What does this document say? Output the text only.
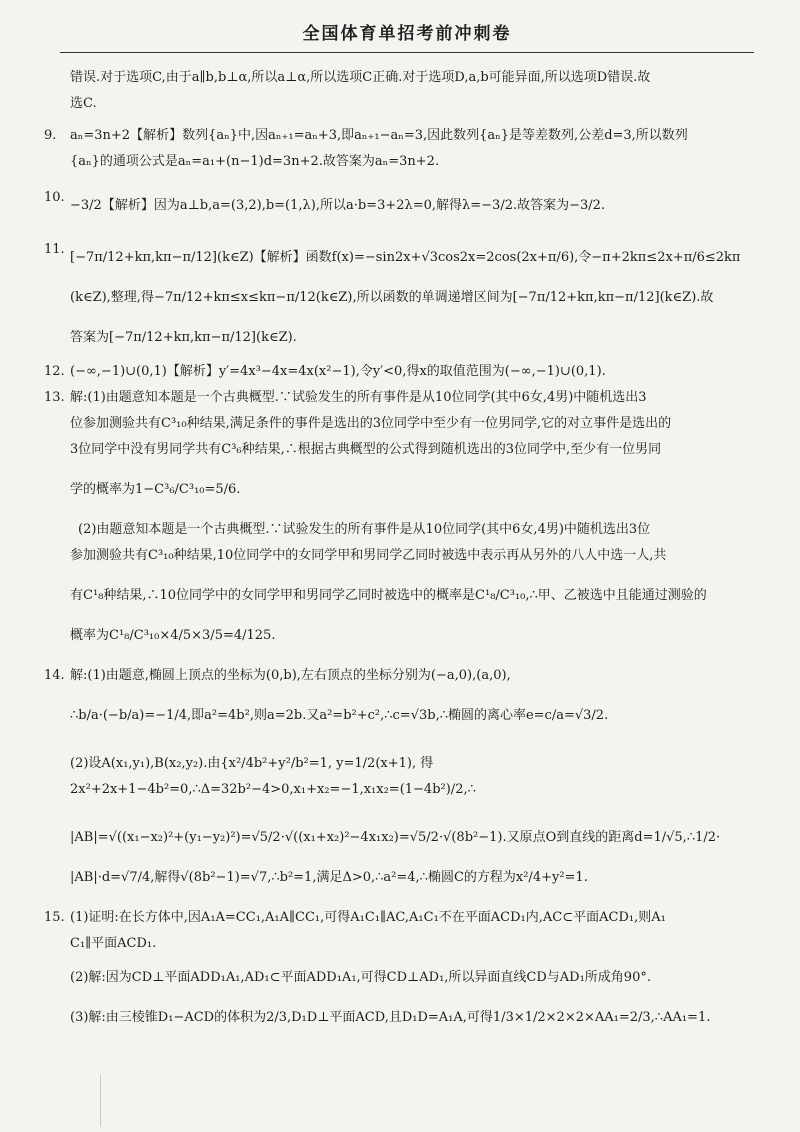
全国体育单招考前冲刺卷

错误.对于选项C,由于a∥b,b⊥α,所以a⊥α,所以选项C正确.对于选项D,a,b可能异面,所以选项D错误.故

选C.

9.	aₙ=3n+2【解析】数列{aₙ}中,因aₙ₊₁=aₙ+3,即aₙ₊₁−aₙ=3,因此数列{aₙ}是等差数列,公差d=3,所以数列

{aₙ}的通项公式是aₙ=a₁+(n−1)d=3n+2.故答案为aₙ=3n+2.

10.

−3/2【解析】因为a⊥b,a=(3,2),b=(1,λ),所以a·b=3+2λ=0,解得λ=−3/2.故答案为−3/2.

11.

[−7π/12+kπ,kπ−π/12](k∈Z)【解析】函数f(x)=−sin2x+√3cos2x=2cos(2x+π/6),令−π+2kπ≤2x+π/6≤2kπ

(k∈Z),整理,得−7π/12+kπ≤x≤kπ−π/12(k∈Z),所以函数的单调递增区间为[−7π/12+kπ,kπ−π/12](k∈Z).故

答案为[−7π/12+kπ,kπ−π/12](k∈Z).

12. (−∞,−1)∪(0,1)【解析】y′=4x³−4x=4x(x²−1),令y′<0,得x的取值范围为(−∞,−1)∪(0,1).

13. 解:(1)由题意知本题是一个古典概型.∵试验发生的所有事件是从10位同学(其中6女,4男)中随机选出3

位参加测验共有C³₁₀种结果,满足条件的事件是选出的3位同学中至少有一位男同学,它的对立事件是选出的

3位同学中没有男同学共有C³₆种结果,∴根据古典概型的公式得到随机选出的3位同学中,至少有一位男同

学的概率为1−C³₆/C³₁₀=5/6.

(2)由题意知本题是一个古典概型.∵试验发生的所有事件是从10位同学(其中6女,4男)中随机选出3位

参加测验共有C³₁₀种结果,10位同学中的女同学甲和男同学乙同时被选中表示再从另外的八人中选一人,共

有C¹₈种结果,∴10位同学中的女同学甲和男同学乙同时被选中的概率是C¹₈/C³₁₀,∴甲、乙被选中且能通过测验的

概率为C¹₈/C³₁₀×4/5×3/5=4/125.

14. 解:(1)由题意,椭圆上顶点的坐标为(0,b),左右顶点的坐标分别为(−a,0),(a,0),

∴b/a·(−b/a)=−1/4,即a²=4b²,则a=2b.又a²=b²+c²,∴c=√3b,∴椭圆的离心率e=c/a=√3/2.

(2)设A(x₁,y₁),B(x₂,y₂).由{x²/4b²+y²/b²=1, y=1/2(x+1), 得2x²+2x+1−4b²=0,∴Δ=32b²−4>0,x₁+x₂=−1,x₁x₂=(1−4b²)/2,∴

|AB|=√((x₁−x₂)²+(y₁−y₂)²)=√5/2·√((x₁+x₂)²−4x₁x₂)=√5/2·√(8b²−1).又原点O到直线的距离d=1/√5,∴1/2·

|AB|·d=√7/4,解得√(8b²−1)=√7,∴b²=1,满足Δ>0,∴a²=4,∴椭圆C的方程为x²/4+y²=1.

15. (1)证明:在长方体中,因A₁A=CC₁,A₁A∥CC₁,可得A₁C₁∥AC,A₁C₁不在平面ACD₁内,AC⊂平面ACD₁,则A₁

C₁∥平面ACD₁.

(2)解:因为CD⊥平面ADD₁A₁,AD₁⊂平面ADD₁A₁,可得CD⊥AD₁,所以异面直线CD与AD₁所成角90°.

(3)解:由三棱锥D₁−ACD的体积为2/3,D₁D⊥平面ACD,且D₁D=A₁A,可得1/3×1/2×2×2×AA₁=2/3,∴AA₁=1.
